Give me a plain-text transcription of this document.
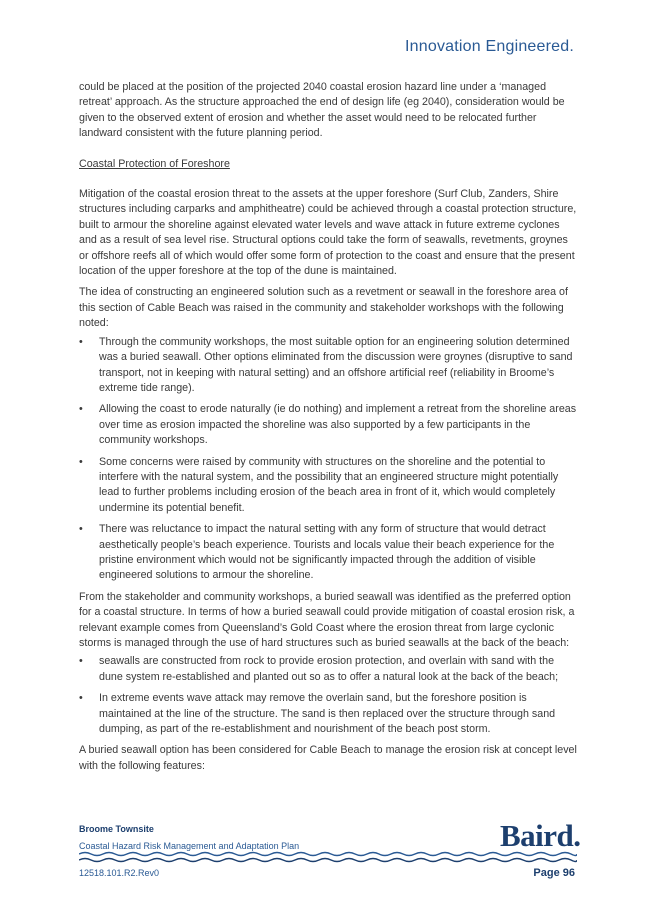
Innovation Engineered.

could be placed at the position of the projected 2040 coastal erosion hazard line under a ‘managed retreat’ approach. As the structure approached the end of design life (eg 2040), consideration would be given to the observed extent of erosion and whether the asset would need to be relocated further landward consistent with the future planning period.

Coastal Protection of Foreshore

Mitigation of the coastal erosion threat to the assets at the upper foreshore (Surf Club, Zanders, Shire structures including carparks and amphitheatre) could be achieved through a coastal protection structure, built to armour the shoreline against elevated water levels and wave attack in future extreme cyclones and as a result of sea level rise. Structural options could take the form of seawalls, revetments, groynes or offshore reefs all of which would offer some form of protection to the coast and ensure that the present location of the upper foreshore at the top of the dune is maintained.

The idea of constructing an engineered solution such as a revetment or seawall in the foreshore area of this section of Cable Beach was raised in the community and stakeholder workshops with the following noted:

• Through the community workshops, the most suitable option for an engineering solution determined was a buried seawall. Other options eliminated from the discussion were groynes (disruptive to sand transport, not in keeping with natural setting) and an offshore artificial reef (reliability in Broome’s extreme tide range).
• Allowing the coast to erode naturally (ie do nothing) and implement a retreat from the shoreline areas over time as erosion impacted the shoreline was also supported by a few participants in the community workshops.
• Some concerns were raised by community with structures on the shoreline and the potential to interfere with the natural system, and the possibility that an engineered structure might potentially lead to further problems including erosion of the beach area in front of it, which would completely undermine its potential benefit.
• There was reluctance to impact the natural setting with any form of structure that would detract aesthetically people’s beach experience. Tourists and locals value their beach experience for the pristine environment which would not be significantly impacted through the addition of visible engineered solutions to armour the shoreline.

From the stakeholder and community workshops, a buried seawall was identified as the preferred option for a coastal structure. In terms of how a buried seawall could provide mitigation of coastal erosion risk, a relevant example comes from Queensland’s Gold Coast where the erosion threat from large cyclonic storms is managed through the use of hard structures such as buried seawalls at the back of the beach:

• seawalls are constructed from rock to provide erosion protection, and overlain with sand with the dune system re-established and planted out so as to offer a natural look at the back of the beach;
• In extreme events wave attack may remove the overlain sand, but the foreshore position is maintained at the line of the structure. The sand is then replaced over the structure through sand dumping, as part of the re-establishment and nourishment of the beach post storm.

A buried seawall option has been considered for Cable Beach to manage the erosion risk at concept level with the following features:

Broome Townsite
Coastal Hazard Risk Management and Adaptation Plan	Baird.
12518.101.R2.Rev0	Page 96
